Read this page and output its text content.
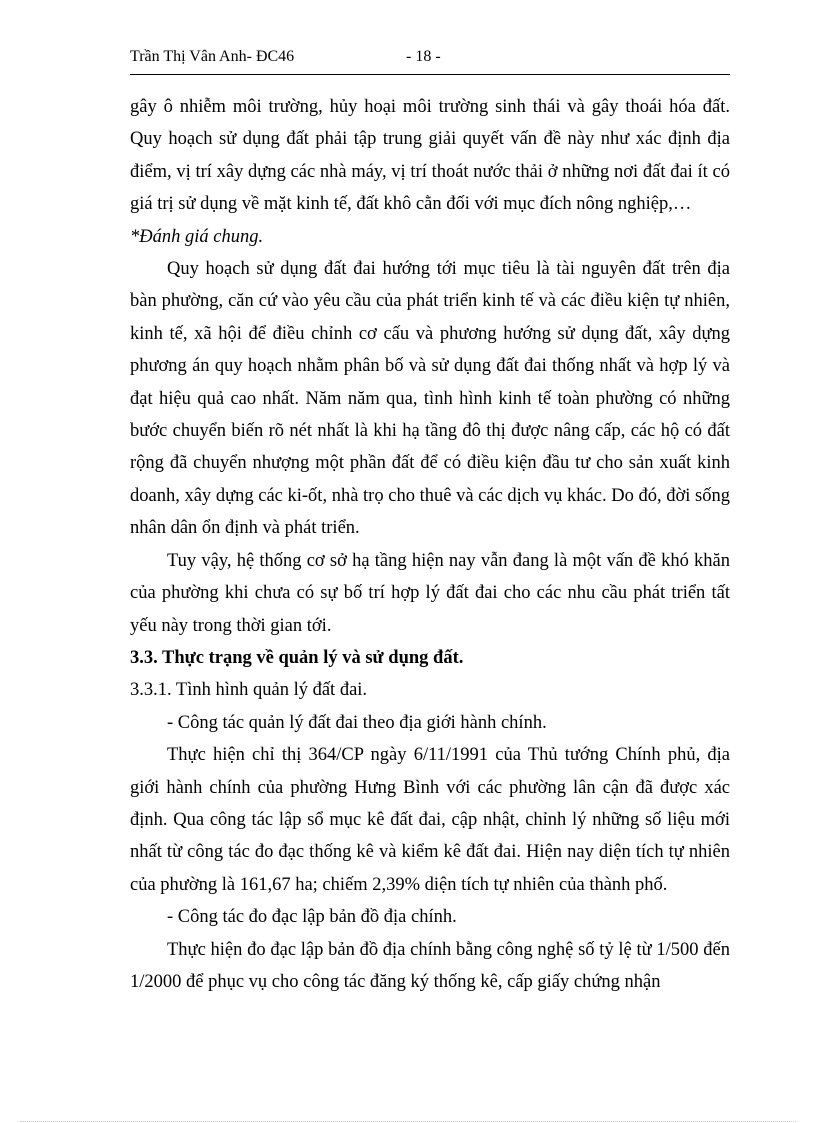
Trần Thị Vân Anh- ĐC46	- 18 -

gây ô nhiễm môi trường, hủy hoại môi trường sinh thái và gây thoái hóa đất. Quy hoạch sử dụng đất phải tập trung giải quyết vấn đề này như xác định địa điểm, vị trí xây dựng các nhà máy, vị trí thoát nước thải ở những nơi đất đai ít có giá trị sử dụng về mặt kinh tế, đất khô cằn đối với mục đích nông nghiệp,…

*Đánh giá chung.

Quy hoạch sử dụng đất đai hướng tới mục tiêu là tài nguyên đất trên địa bàn phường, căn cứ vào yêu cầu của phát triển kinh tế và các điều kiện tự nhiên, kinh tế, xã hội để điều chỉnh cơ cấu và phương hướng sử dụng đất, xây dựng phương án quy hoạch nhằm phân bố và sử dụng đất đai thống nhất và hợp lý và đạt hiệu quả cao nhất. Năm năm qua, tình hình kinh tế toàn phường có những bước chuyển biến rõ nét nhất là khi hạ tầng đô thị được nâng cấp, các hộ có đất rộng đã chuyển nhượng một phần đất để có điều kiện đầu tư cho sản xuất kinh doanh, xây dựng các ki-ốt, nhà trọ cho thuê và các dịch vụ khác. Do đó, đời sống nhân dân ổn định và phát triển.

Tuy vậy, hệ thống cơ sở hạ tầng hiện nay vẫn đang là một vấn đề khó khăn của phường khi chưa có sự bố trí hợp lý đất đai cho các nhu cầu phát triển tất yếu này trong thời gian tới.

3.3. Thực trạng về quản lý và sử dụng đất.

3.3.1. Tình hình quản lý đất đai.

- Công tác quản lý đất đai theo địa giới hành chính.

Thực hiện chỉ thị 364/CP ngày 6/11/1991 của Thủ tướng Chính phủ, địa giới hành chính của phường Hưng Bình với các phường lân cận đã được xác định. Qua công tác lập sổ mục kê đất đai, cập nhật, chỉnh lý những số liệu mới nhất từ công tác đo đạc thống kê và kiểm kê đất đai. Hiện nay diện tích tự nhiên của phường là 161,67 ha; chiếm 2,39% diện tích tự nhiên của thành phố.

- Công tác đo đạc lập bản đồ địa chính.

Thực hiện đo đạc lập bản đồ địa chính bằng công nghệ số tỷ lệ từ 1/500 đến 1/2000 để phục vụ cho công tác đăng ký thống kê, cấp giấy chứng nhận
